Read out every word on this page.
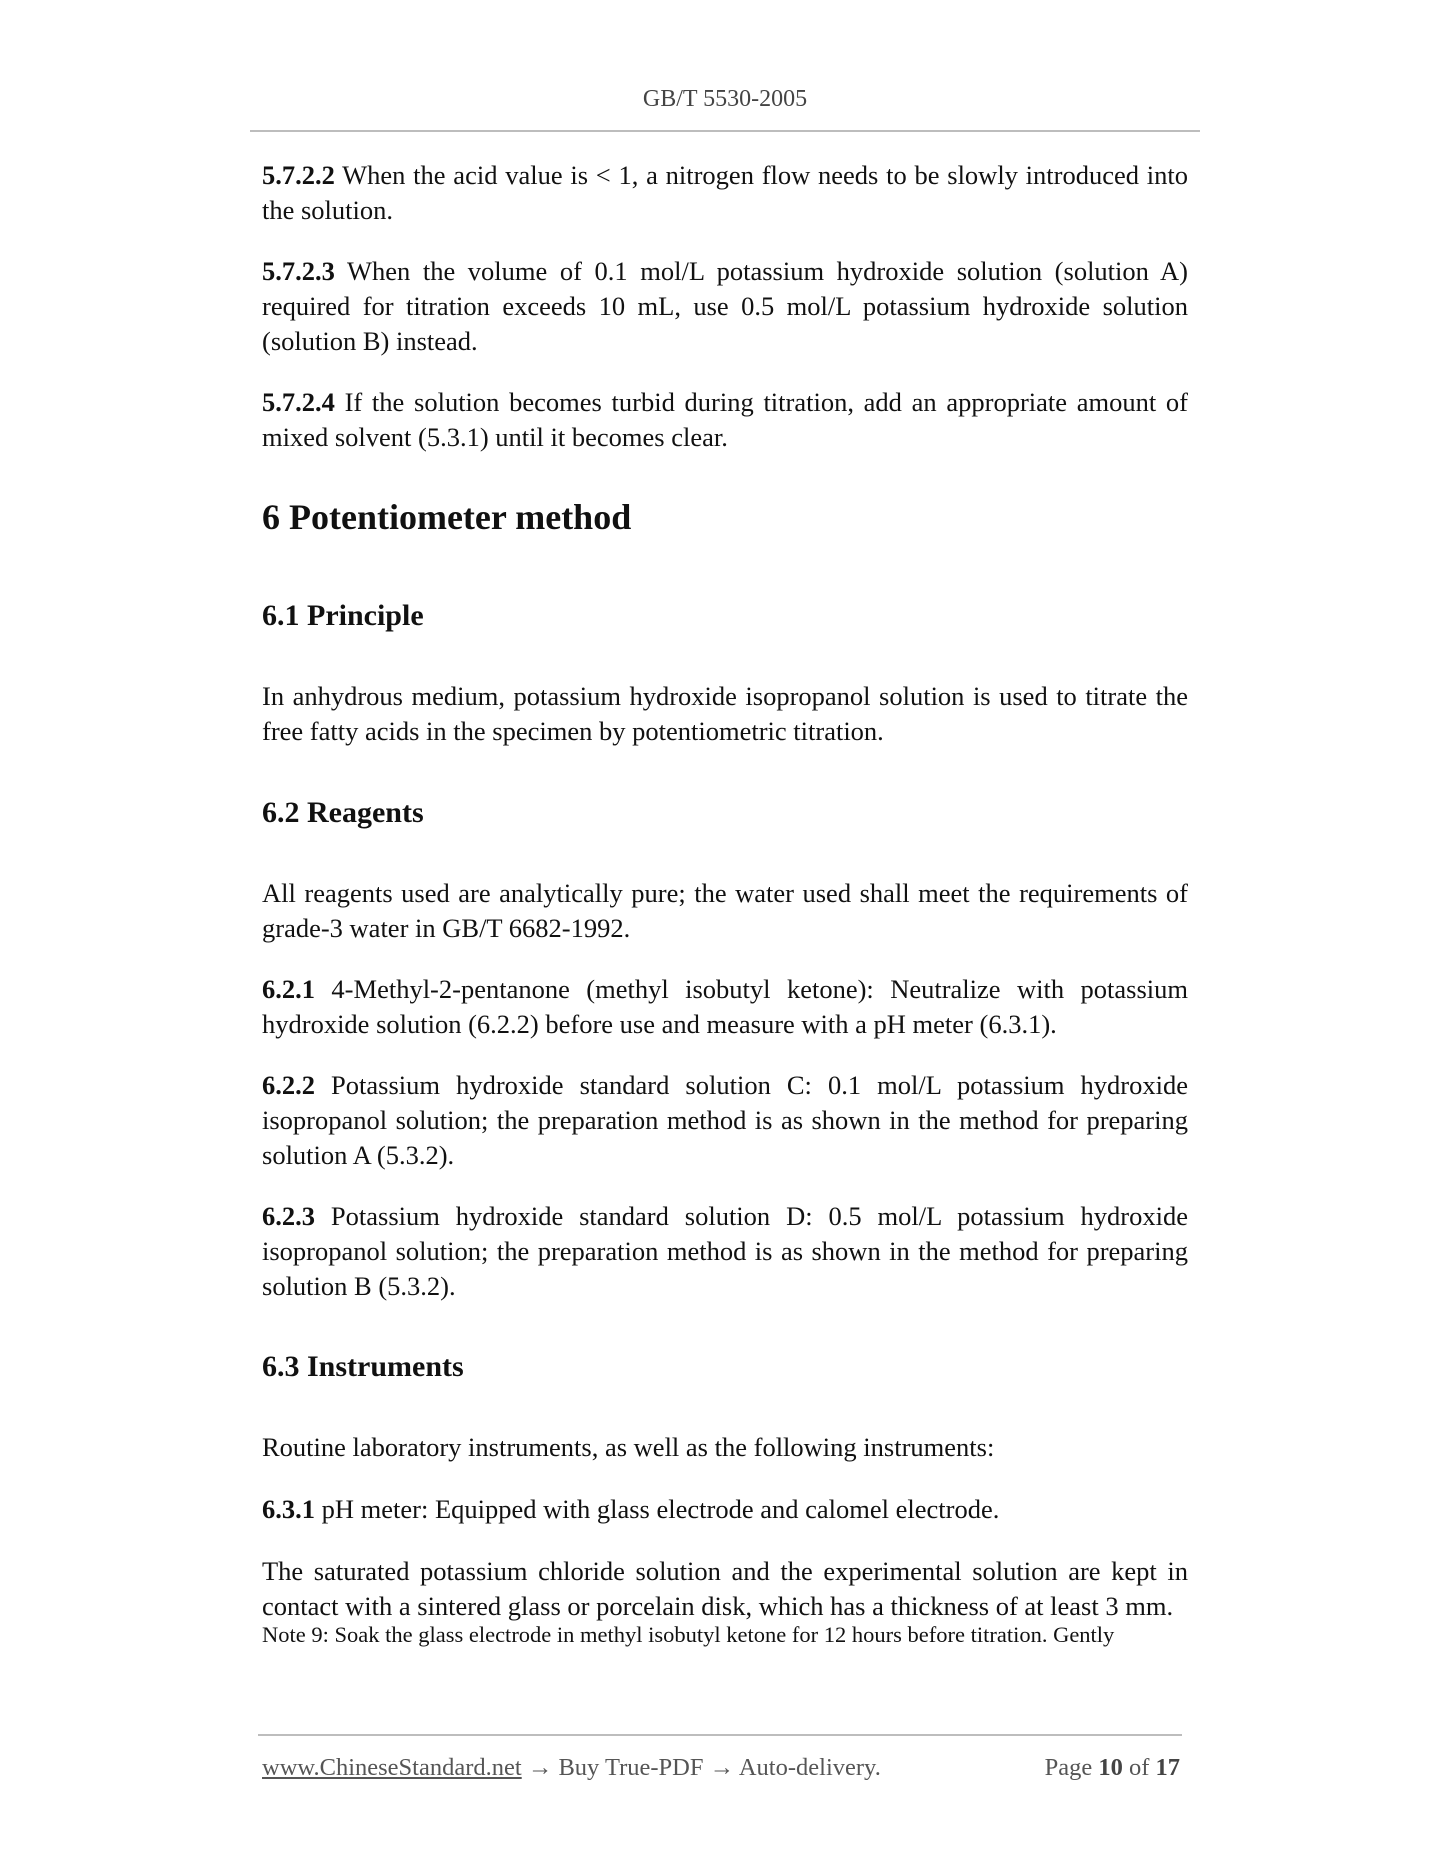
GB/T 5530-2005

5.7.2.2 When the acid value is < 1, a nitrogen flow needs to be slowly introduced into the solution.

5.7.2.3 When the volume of 0.1 mol/L potassium hydroxide solution (solution A) required for titration exceeds 10 mL, use 0.5 mol/L potassium hydroxide solution (solution B) instead.

5.7.2.4 If the solution becomes turbid during titration, add an appropriate amount of mixed solvent (5.3.1) until it becomes clear.

6 Potentiometer method
6.1 Principle

In anhydrous medium, potassium hydroxide isopropanol solution is used to titrate the free fatty acids in the specimen by potentiometric titration.

6.2 Reagents

All reagents used are analytically pure; the water used shall meet the requirements of grade-3 water in GB/T 6682-1992.

6.2.1 4-Methyl-2-pentanone (methyl isobutyl ketone): Neutralize with potassium hydroxide solution (6.2.2) before use and measure with a pH meter (6.3.1).

6.2.2 Potassium hydroxide standard solution C: 0.1 mol/L potassium hydroxide isopropanol solution; the preparation method is as shown in the method for preparing solution A (5.3.2).

6.2.3 Potassium hydroxide standard solution D: 0.5 mol/L potassium hydroxide isopropanol solution; the preparation method is as shown in the method for preparing solution B (5.3.2).

6.3 Instruments

Routine laboratory instruments, as well as the following instruments:

6.3.1 pH meter: Equipped with glass electrode and calomel electrode.

The saturated potassium chloride solution and the experimental solution are kept in contact with a sintered glass or porcelain disk, which has a thickness of at least 3 mm.

Note 9: Soak the glass electrode in methyl isobutyl ketone for 12 hours before titration. Gently

www.ChineseStandard.net → Buy True-PDF → Auto-delivery.	Page 10 of 17
